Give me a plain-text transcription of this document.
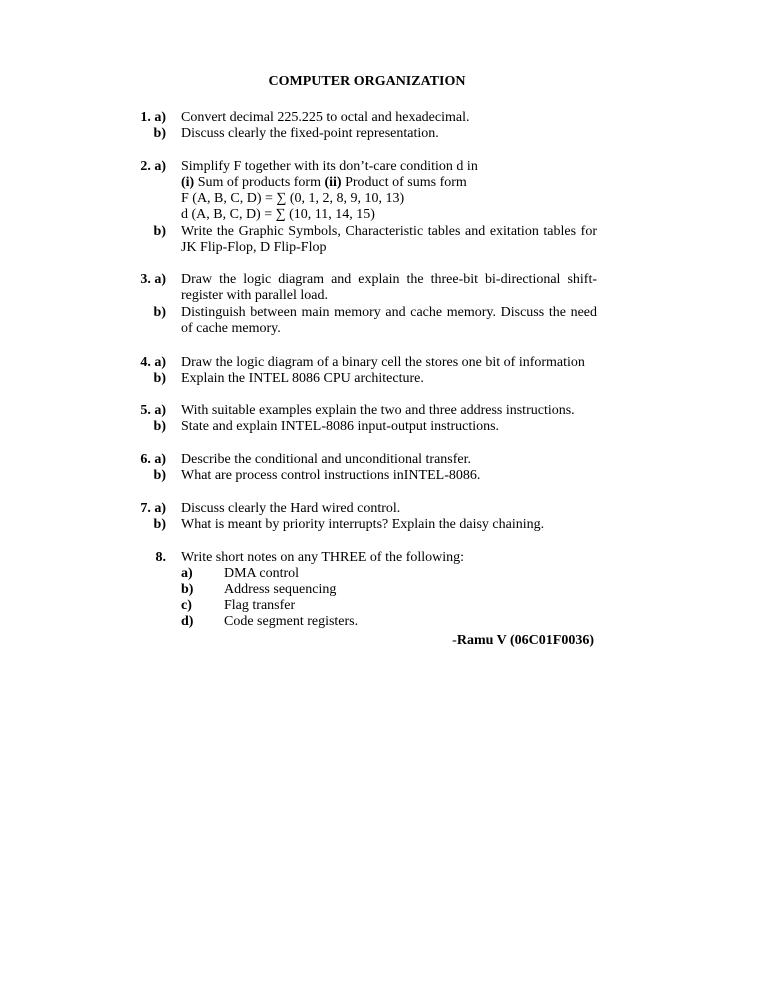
COMPUTER ORGANIZATION
1. a) Convert decimal 225.225 to octal and hexadecimal.
b) Discuss clearly the fixed-point representation.
2. a) Simplify F together with its don’t-care condition d in
(i) Sum of products form (ii) Product of sums form
F (A, B, C, D) = ∑ (0, 1, 2, 8, 9, 10, 13)
d (A, B, C, D) = ∑ (10, 11, 14, 15)
b) Write the Graphic Symbols, Characteristic tables and exitation tables for JK Flip-Flop, D Flip-Flop
3. a) Draw the logic diagram and explain the three-bit bi-directional shift-register with parallel load.
b) Distinguish between main memory and cache memory. Discuss the need of cache memory.
4. a) Draw the logic diagram of a binary cell the stores one bit of information
b) Explain the INTEL 8086 CPU architecture.
5. a) With suitable examples explain the two and three address instructions.
b) State and explain INTEL-8086 input-output instructions.
6. a) Describe the conditional and unconditional transfer.
b) What are process control instructions inINTEL-8086.
7. a) Discuss clearly the Hard wired control.
b) What is meant by priority interrupts? Explain the daisy chaining.
8. Write short notes on any THREE of the following:
a)	DMA control
b)	Address sequencing
c)	Flag transfer
d)	Code segment registers.
-Ramu V (06C01F0036)
